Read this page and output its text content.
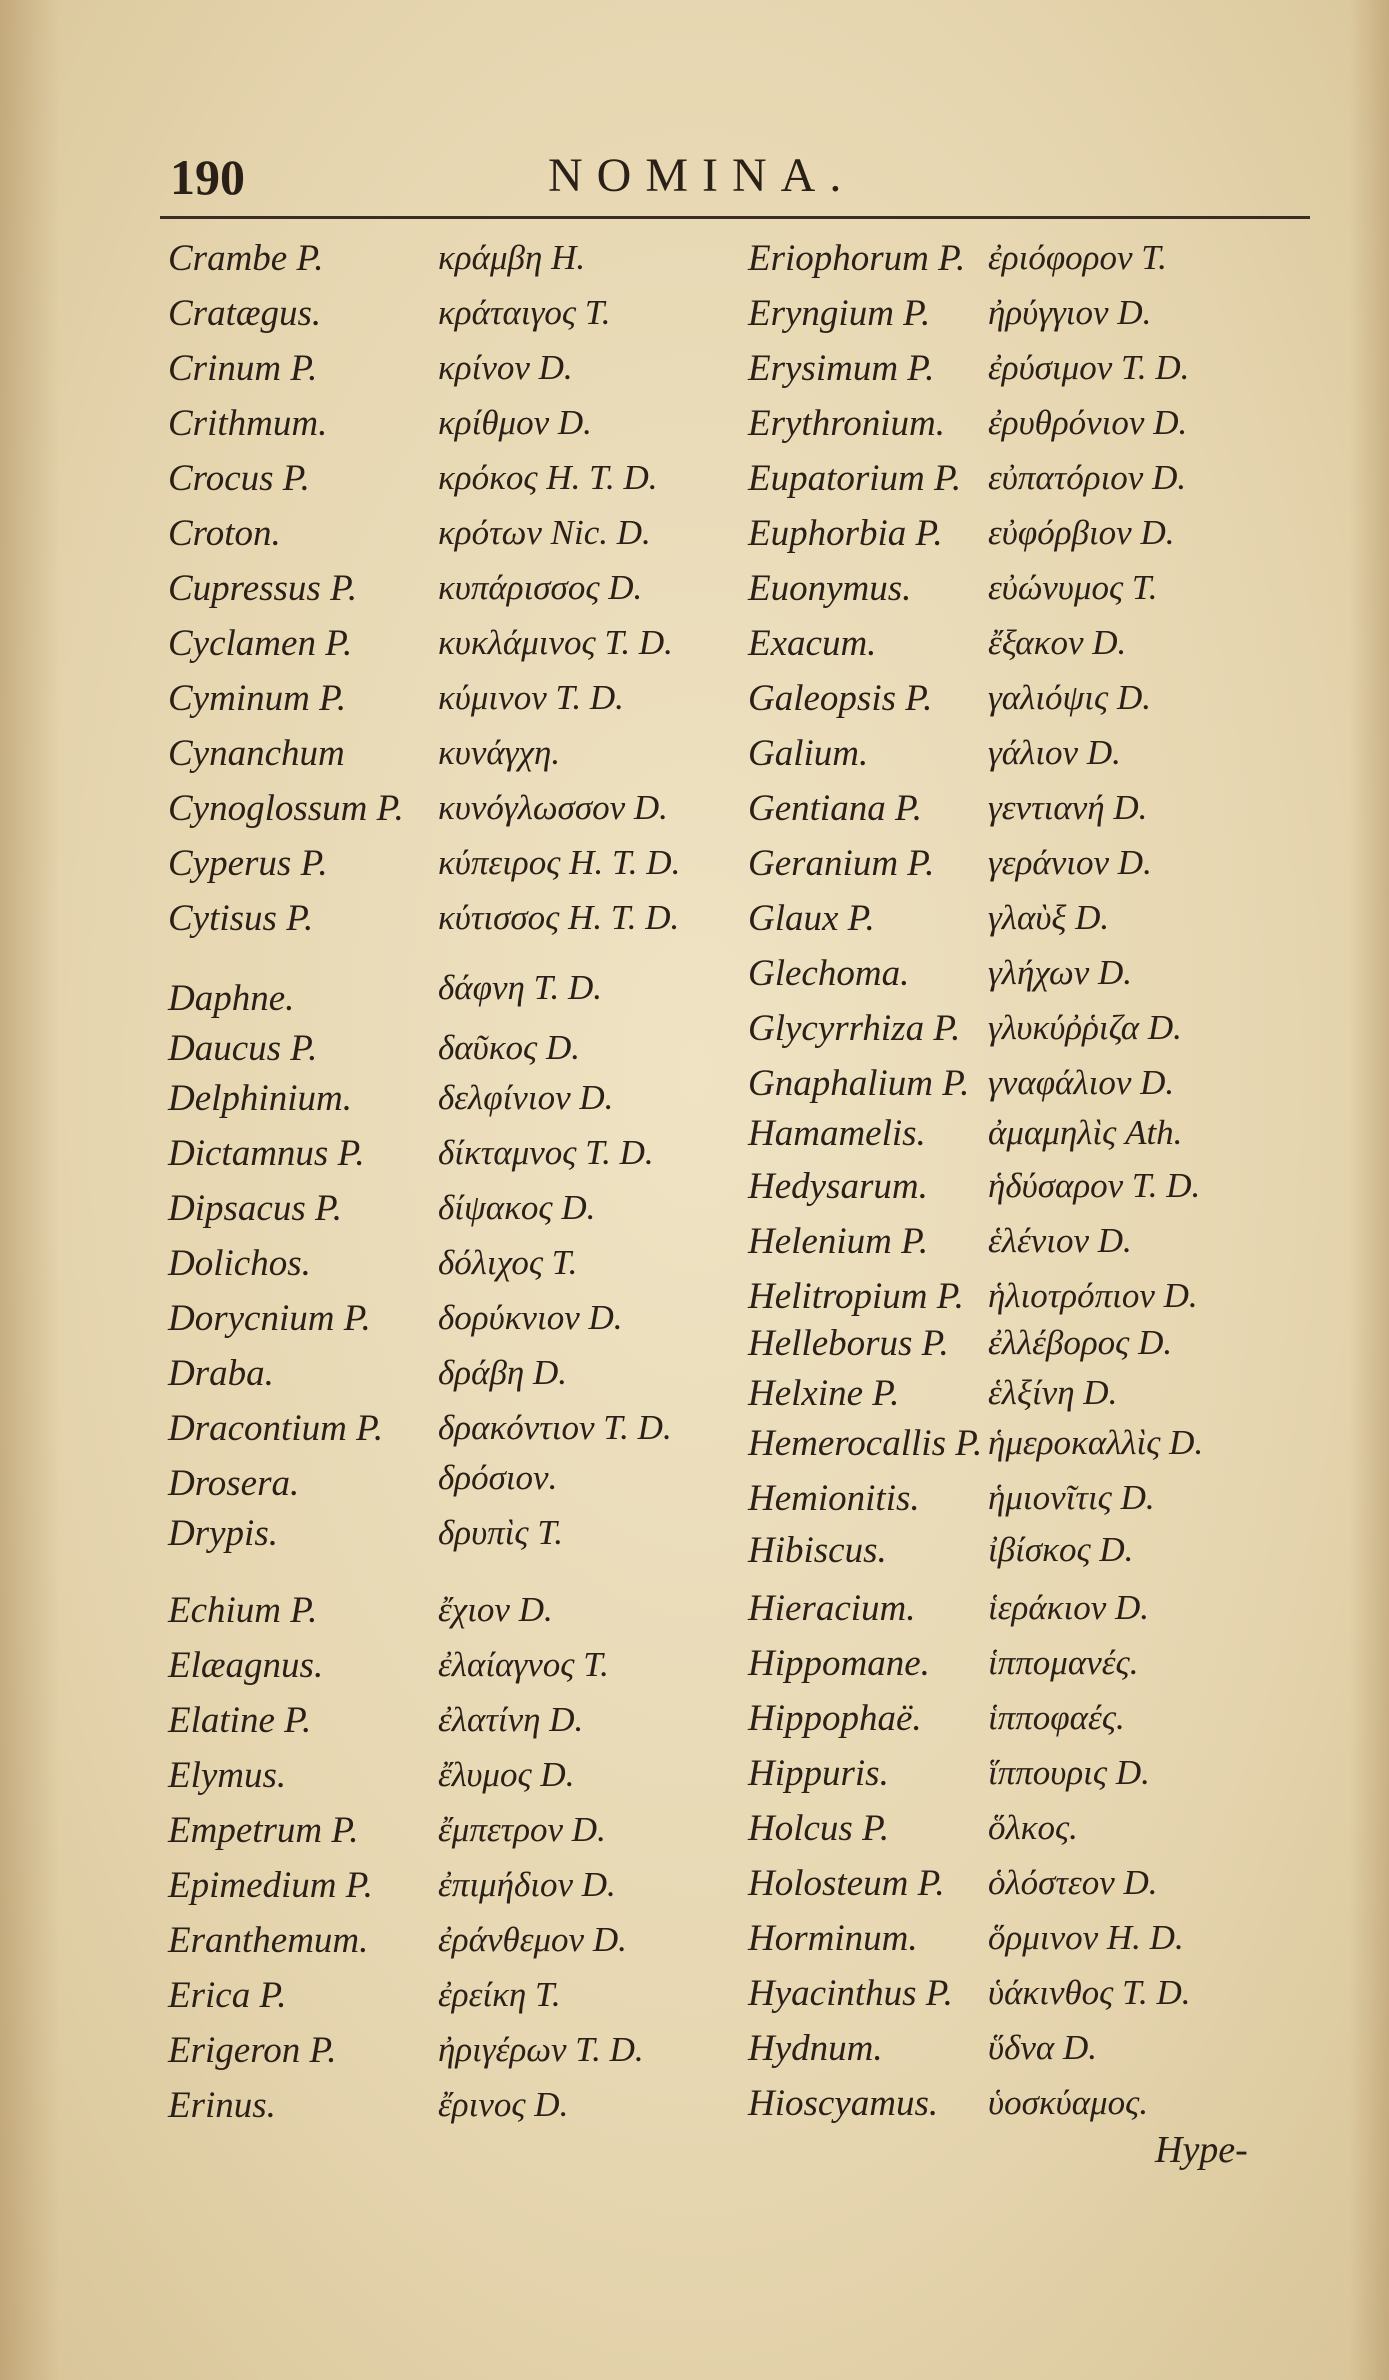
190	NOMINA.
Crambe P.	κράμβη H.
Cratægus.	κράταιγος T.
Crinum P.	κρίνον D.
Crithmum.	κρίθμον D.
Crocus P.	κρόκος H. T. D.
Croton.	κρότων Nic. D.
Cupressus P. κυπάρισσος D.
Cyclamen P. κυκλάμινος T. D.
Cyminum P.	κύμινον T. D.
Cynanchum	κυνάγχη.
Cynoglossum P. κυνόγλωσσον D.
Cyperus P.	κύπειρος H. T. D.
Cytisus P.	κύτισσος H. T. D.
Daphne.	δάφνη T. D.
Daucus P.	δαῦκος D.
Delphinium. δελφίνιον D.
Dictamnus P. δίκταμνος T. D.
Dipsacus P.	δίψακος D.
Dolichos.	δόλιχος T.
Dorycnium P. δορύκνιον D.
Draba.	δράβη D.
Dracontium P. δρακόντιον T. D.
Drosera.	δρόσιον.
Drypis.	δρυπὶς T.
Echium P.	ἔχιον D.
Elæagnus.	ἐλαίαγνος T.
Elatine P.	ἐλατίνη D.
Elymus.	ἔλυμος D.
Empetrum P. ἔμπετρον D.
Epimedium P. ἐπιμήδιον D.
Eranthemum. ἐράνθεμον D.
Erica P.	ἐρείκη T.
Erigeron P.	ἠριγέρων T. D.
Erinus.	ἔρινος D.
Eriophorum P. ἐριόφορον T.
Eryngium P. ἠρύγγιον D.
Erysimum P. ἐρύσιμον T. D.
Erythronium. ἐρυθρόνιον D.
Eupatorium P. εὐπατόριον D.
Euphorbia P. εὐφόρβιον D.
Euonymus. εὐώνυμος T.
Exacum.	ἔξακον D.
Galeopsis P. γαλιόψις D.
Galium.	γάλιον D.
Gentiana P. γεντιανή D.
Geranium P. γεράνιον D.
Glaux P.	γλαὺξ D.
Glechoma. γλήχων D.
Glycyrrhiza P. γλυκύῤῥιζα D.
Gnaphalium P. γναφάλιον D.
Hamamelis. ἀμαμηλὶς Ath.
Hedysarum. ἡδύσαρον T. D.
Helenium P. ἑλένιον D.
Helitropium P. ἡλιοτρόπιον D.
Helleborus P. ἐλλέβορος D.
Helxine P.	ἑλξίνη D.
Hemerocallis P. ἡμεροκαλλὶς D.
Hemionitis. ἡμιονῖτις D.
Hibiscus.	ἰβίσκος D.
Hieracium. ἱεράκιον D.
Hippomane. ἱππομανές.
Hippophaë. ἱπποφαές.
Hippuris.	ἵππουρις D.
Holcus P.	ὅλκος.
Holosteum P. ὁλόστεον D.
Horminum. ὅρμινον H. D.
Hyacinthus P. ὑάκινθος T. D.
Hydnum.	ὕδνα D.
Hioscyamus. ὑοσκύαμος.
Hype-
